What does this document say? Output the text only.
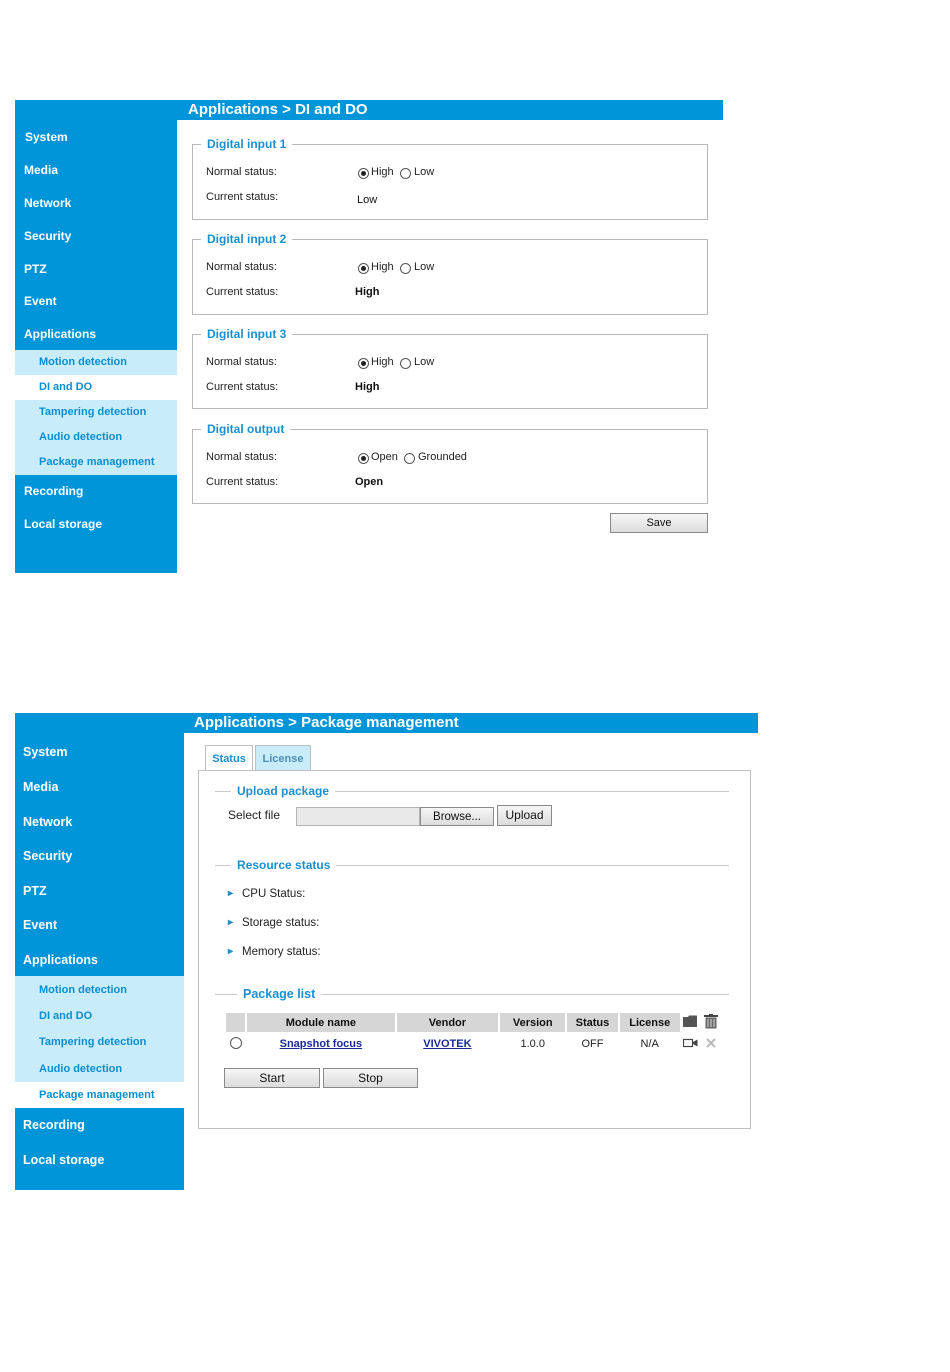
Applications > DI and DO
System
Media
Network
Security
PTZ
Event
Applications
Motion detection
DI and DO
Tampering detection
Audio detection
Package management
Recording
Local storage
Digital input 1
Normal status:	High Low
Current status:	Low
Digital input 2
Normal status:	High Low
Current status:	High
Digital input 3
Normal status:	High Low
Current status:	High
Digital output
Normal status:	Open Grounded
Current status:	Open
Save
Applications > Package management
System
Media
Network
Security
PTZ
Event
Applications
Motion detection
DI and DO
Tampering detection
Audio detection
Package management
Recording
Local storage
Status	License
Upload package
Select file	Browse...	Upload
Resource status
▸ CPU Status:
▸ Storage status:
▸ Memory status:
Package list
	Module name	Vendor	Version	Status	License		
	Snapshot focus	VIVOTEK	1.0.0	OFF	N/A		
Start	Stop
